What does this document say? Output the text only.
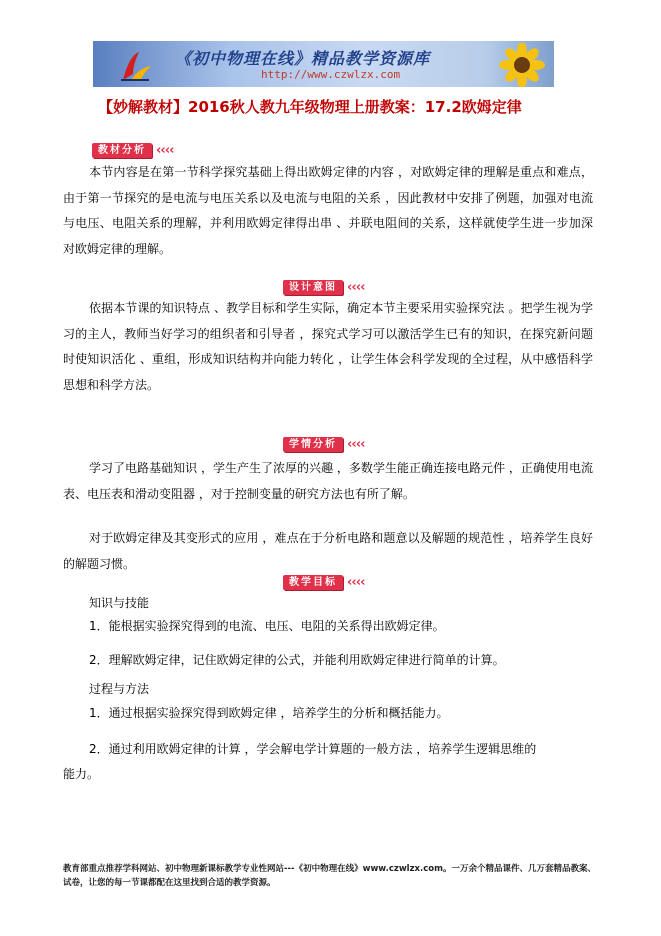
《初中物理在线》精品教学资源库
http://www.czwlzx.com
【妙解教材】2016秋人教九年级物理上册教案：17.2欧姆定律
教材分析 ‹‹‹‹
本节内容是在第一节科学探究基础上得出欧姆定律的内容 ，对欧姆定律的理解是重点和难点，由于第一节探究的是电流与电压关系以及电流与电阻的关系 ，因此教材中安排了例题，加强对电流与电压、电阻关系的理解，并利用欧姆定律得出串 、并联电阻间的关系，这样就使学生进一步加深对欧姆定律的理解。
设计意图 ‹‹‹‹
依据本节课的知识特点 、教学目标和学生实际，确定本节主要采用实验探究法 。把学生视为学习的主人，教师当好学习的组织者和引导者 ，探究式学习可以激活学生已有的知识，在探究新问题时使知识活化 、重组，形成知识结构并向能力转化 ，让学生体会科学发现的全过程，从中感悟科学思想和科学方法。
学情分析 ‹‹‹‹
学习了电路基础知识 ，学生产生了浓厚的兴趣 ，多数学生能正确连接电路元件 ，正确使用电流表、电压表和滑动变阻器 ，对于控制变量的研究方法也有所了解。
对于欧姆定律及其变形式的应用 ，难点在于分析电路和题意以及解题的规范性 ，培养学生良好的解题习惯。
教学目标 ‹‹‹‹
知识与技能
1．能根据实验探究得到的电流、电压、电阻的关系得出欧姆定律。
2．理解欧姆定律，记住欧姆定律的公式，并能利用欧姆定律进行简单的计算。
过程与方法
1．通过根据实验探究得到欧姆定律 ，培养学生的分析和概括能力。
2．通过利用欧姆定律的计算 ，学会解电学计算题的一般方法 ，培养学生逻辑思维的
能力。
教育部重点推荐学科网站、初中物理新课标教学专业性网站---《初中物理在线》www.czwlzx.com。一万余个精品课件、几万套精品教案、试卷，让您的每一节课都配在这里找到合适的教学资源。
